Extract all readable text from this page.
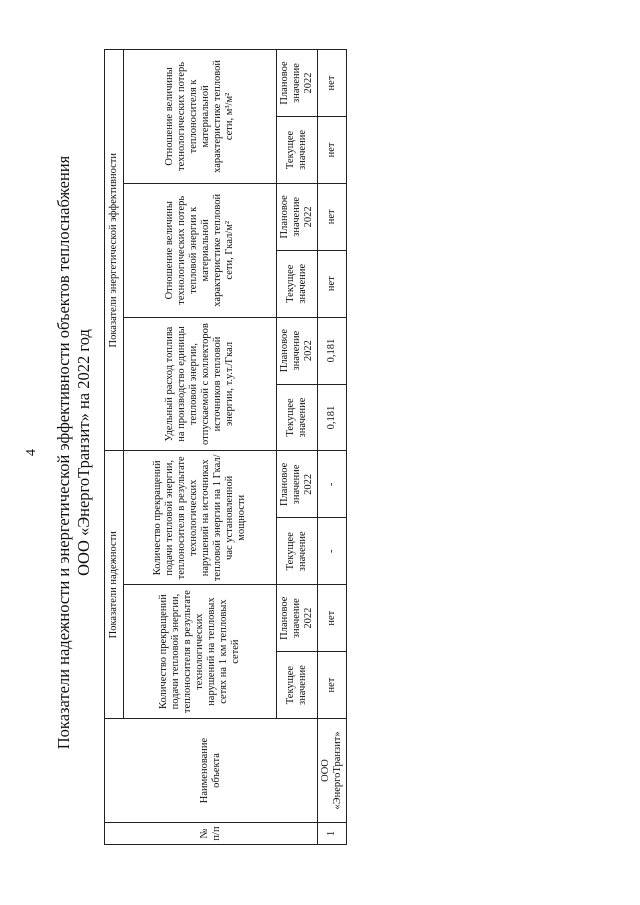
4 Показатели надежности и энергетической эффективности объектов теплоснабжения ООО «ЭнергоТранзит» на 2022 год
№ п/п	Наименование объекта	Показатели надежности				Показатели энергетической эффективности					
		Количество прекращений подачи тепловой энергии, теплоносителя в результате технологических нарушений на тепловых сетях на 1 км тепловых сетей		Количество прекращений подачи тепловой энергии, теплоносителя в результате технологических нарушений на источниках тепловой энергии на 1 Гкал/час установленной мощности		Удельный расход топлива на производство единицы тепловой энергии, отпускаемой с коллекторов источников тепловой энергии, т.у.т./Гкал		Отношение величины технологических потерь тепловой энергии к материальной характеристике тепловой сети, Гкал/м²		Отношение величины технологических потерь теплоносителя к материальной характеристике тепловой сети, м³/м²	
		Текущее значение	Плановое значение 2022	Текущее значение	Плановое значение 2022	Текущее значение	Плановое значение 2022	Текущее значение	Плановое значение 2022	Текущее значение	Плановое значение 2022
1	ООО «ЭнергоТранзит»	нет	нет	-	-	0,181	0,181	нет	нет	нет	нет
